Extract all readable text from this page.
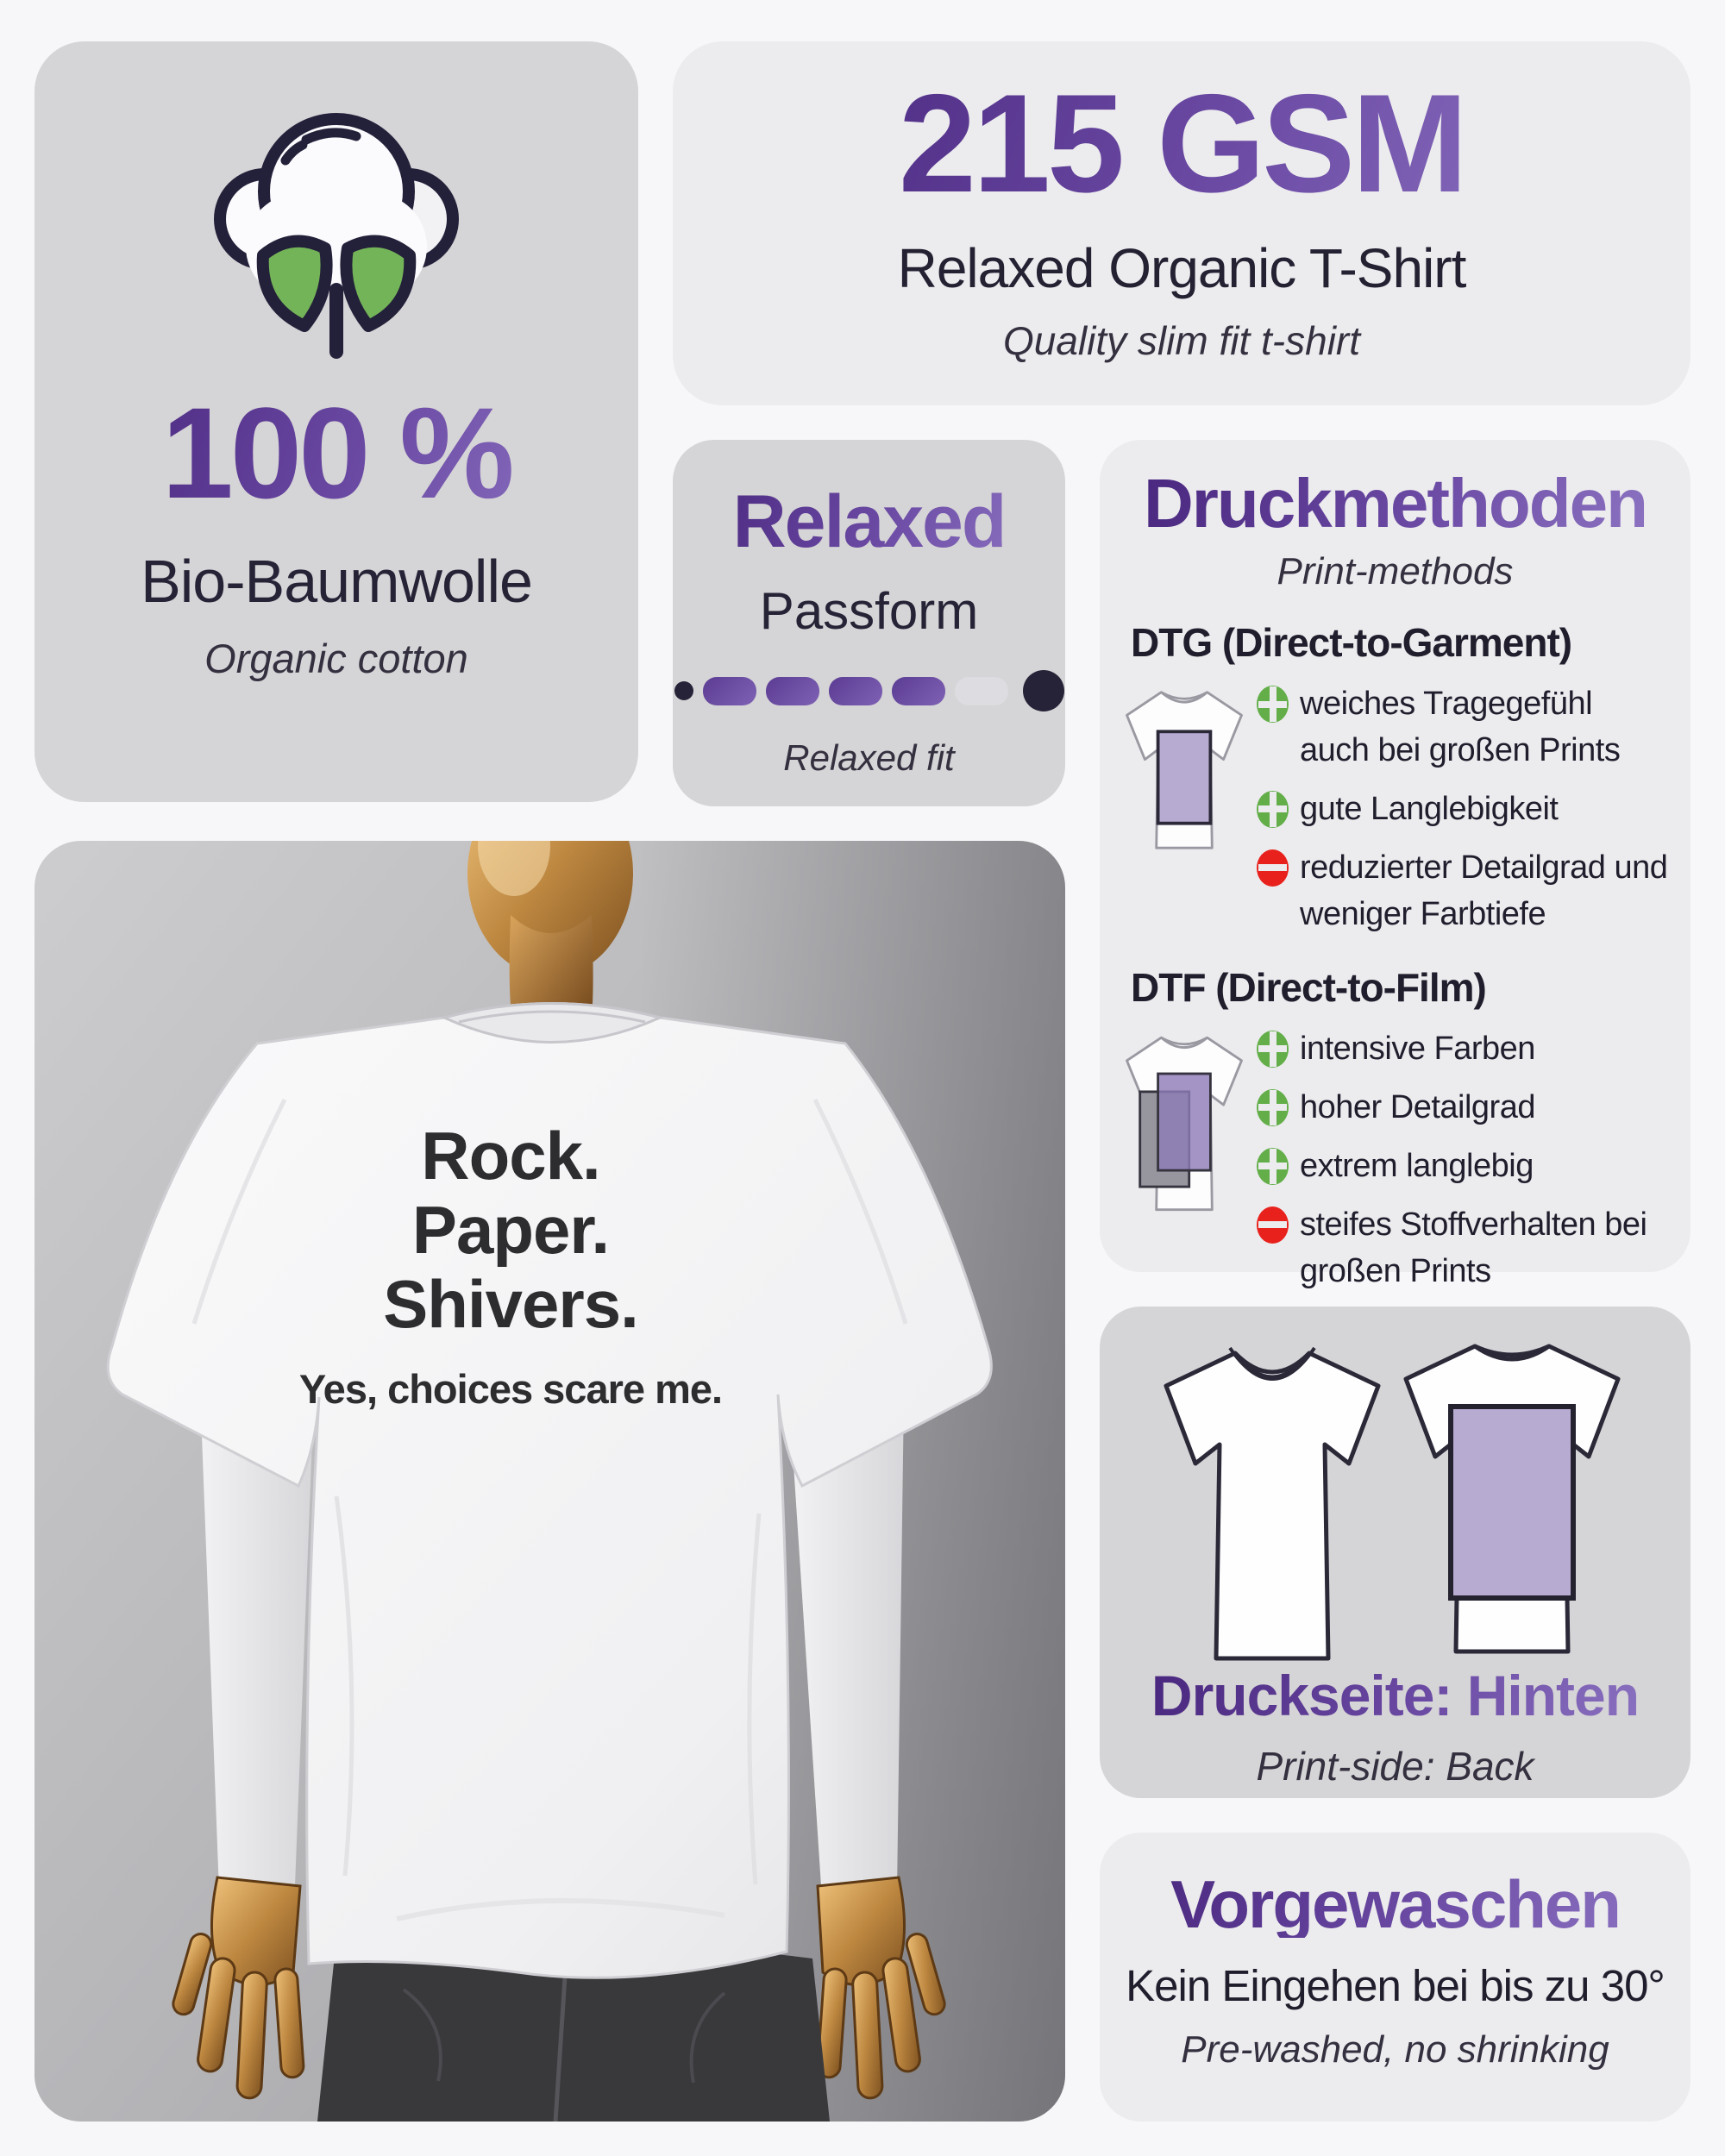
100 %
Bio-Baumwolle
Organic cotton
215 GSM
Relaxed Organic T-Shirt
Quality slim fit t-shirt
Relaxed
Passform
Relaxed fit
Druckmethoden
Print-methods
DTG (Direct-to-Garment)
weiches Tragegefühl auch bei großen Prints
gute Langlebigkeit
reduzierter Detailgrad und weniger Farbtiefe
DTF (Direct-to-Film)
intensive Farben
hoher Detailgrad
extrem langlebig
steifes Stoffverhalten bei großen Prints
Rock.
Paper.
Shivers.
Yes, choices scare me.
Druckseite: Hinten
Print-side: Back
Vorgewaschen
Kein Eingehen bei bis zu 30°
Pre-washed, no shrinking
